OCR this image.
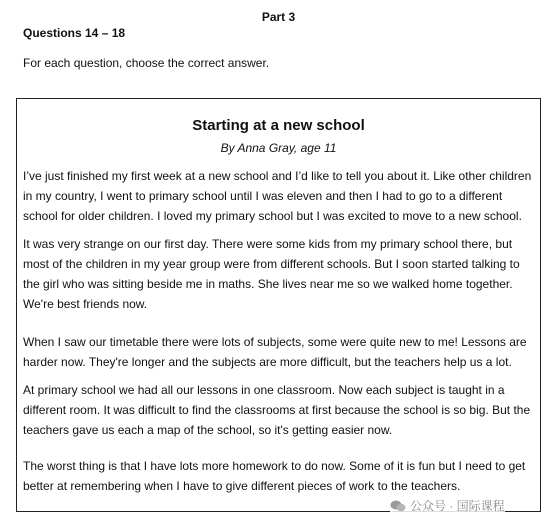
Part 3
Questions 14 – 18
For each question, choose the correct answer.
Starting at a new school
By Anna Gray, age 11

I’ve just finished my first week at a new school and I’d like to tell you about it. Like other children in my country, I went to primary school until I was eleven and then I had to go to a different school for older children. I loved my primary school but I was excited to move to a new school.

It was very strange on our first day. There were some kids from my primary school there, but most of the children in my year group were from different schools. But I soon started talking to the girl who was sitting beside me in maths. She lives near me so we walked home together. We're best friends now.

When I saw our timetable there were lots of subjects, some were quite new to me! Lessons are harder now. They're longer and the subjects are more difficult, but the teachers help us a lot.

At primary school we had all our lessons in one classroom. Now each subject is taught in a different room. It was difficult to find the classrooms at first because the school is so big. But the teachers gave us each a map of the school, so it's getting easier now.

The worst thing is that I have lots more homework to do now. Some of it is fun but I need to get better at remembering when I have to give different pieces of work to the teachers.

公众号 · 国际课程
